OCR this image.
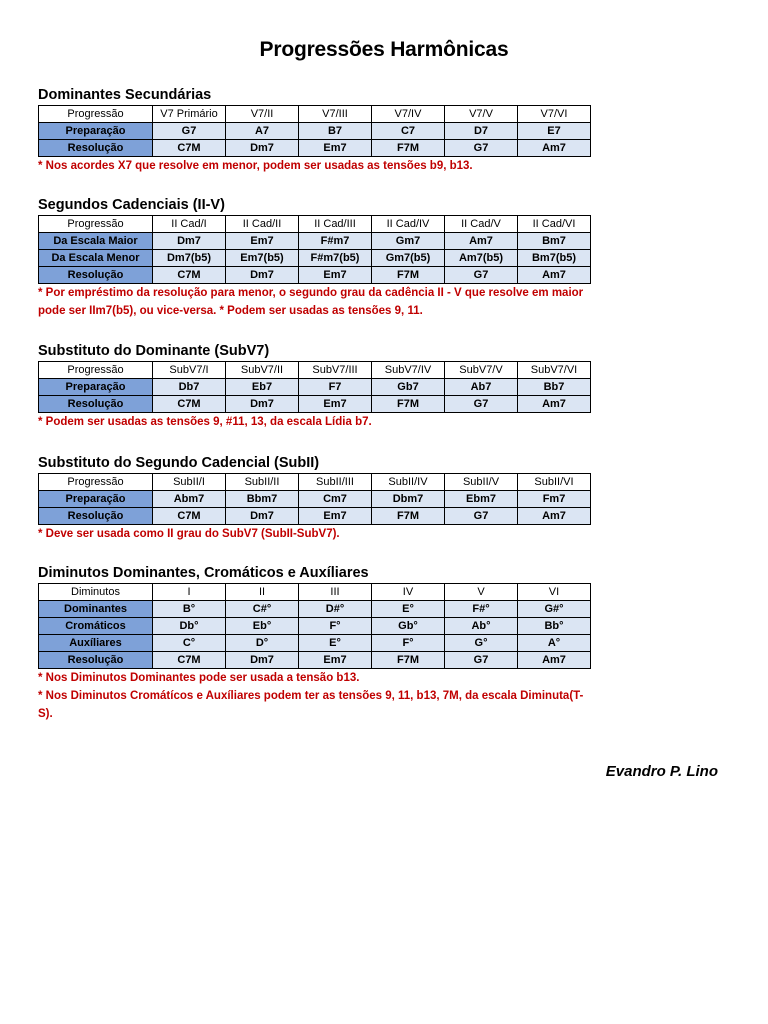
Progressões Harmônicas
Dominantes Secundárias
Progressão	V7 Primário	V7/II	V7/III	V7/IV	V7/V	V7/VI
Preparação	G7	A7	B7	C7	D7	E7
Resolução	C7M	Dm7	Em7	F7M	G7	Am7
* Nos acordes X7 que resolve em menor, podem ser usadas as tensões b9, b13.
Segundos Cadenciais (II-V)
Progressão	II Cad/I	II Cad/II	II Cad/III	II Cad/IV	II Cad/V	II Cad/VI
Da Escala Maior	Dm7	Em7	F#m7	Gm7	Am7	Bm7
Da Escala Menor	Dm7(b5)	Em7(b5)	F#m7(b5)	Gm7(b5)	Am7(b5)	Bm7(b5)
Resolução	C7M	Dm7	Em7	F7M	G7	Am7
* Por empréstimo da resolução para menor, o segundo grau da cadência II - V que resolve em maior pode ser IIm7(b5), ou vice-versa. * Podem ser usadas as tensões 9, 11.
Substituto do Dominante (SubV7)
Progressão	SubV7/I	SubV7/II	SubV7/III	SubV7/IV	SubV7/V	SubV7/VI
Preparação	Db7	Eb7	F7	Gb7	Ab7	Bb7
Resolução	C7M	Dm7	Em7	F7M	G7	Am7
* Podem ser usadas as tensões 9, #11, 13, da escala Lídia b7.
Substituto do Segundo Cadencial (SubII)
Progressão	SubII/I	SubII/II	SubII/III	SubII/IV	SubII/V	SubII/VI
Preparação	Abm7	Bbm7	Cm7	Dbm7	Ebm7	Fm7
Resolução	C7M	Dm7	Em7	F7M	G7	Am7
* Deve ser usada como II grau do SubV7 (SubII-SubV7).
Diminutos Dominantes, Cromáticos e Auxíliares
Diminutos	I	II	III	IV	V	VI
Dominantes	B°	C#°	D#°	E°	F#°	G#°
Cromáticos	Db°	Eb°	F°	Gb°	Ab°	Bb°
Auxíliares	C°	D°	E°	F°	G°	A°
Resolução	C7M	Dm7	Em7	F7M	G7	Am7
* Nos Diminutos Dominantes pode ser usada a tensão b13.
* Nos Diminutos Cromátícos e Auxíliares podem ter as tensões 9, 11, b13, 7M, da escala Diminuta(T-S).
Evandro P. Lino
